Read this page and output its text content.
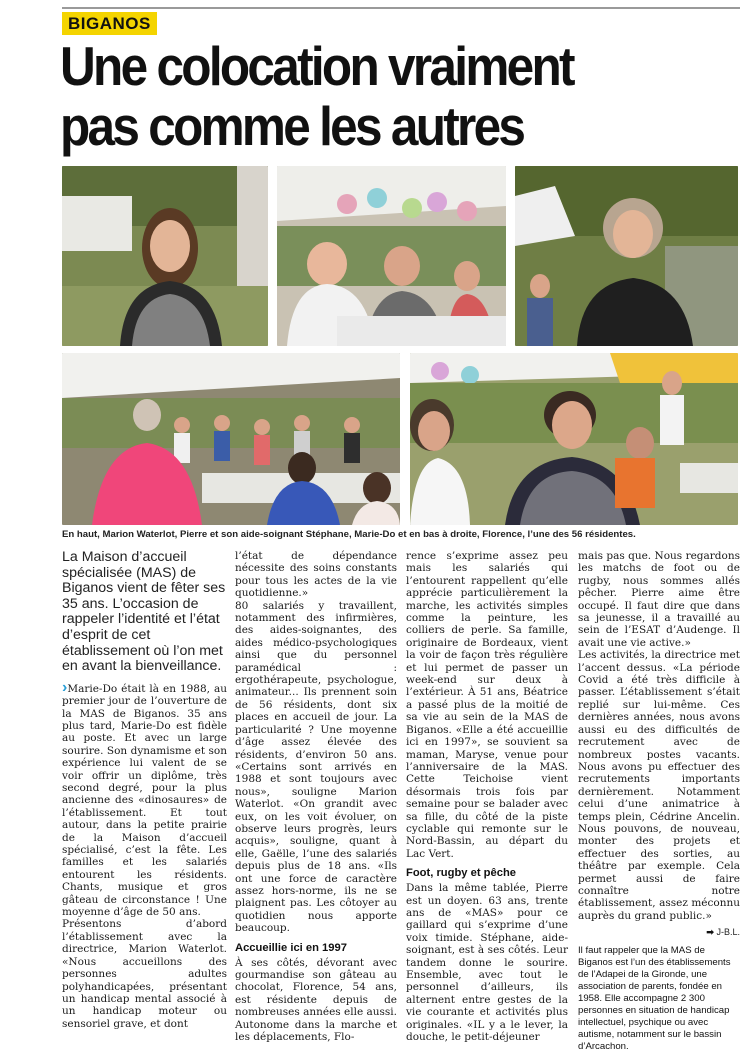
BIGANOS
Une colocation vraiment pas comme les autres
En haut, Marion Waterlot, Pierre et son aide-soignant Stéphane, Marie-Do et en bas à droite, Florence, l’une des 56 résidentes.

La Maison d’accueil spécialisée (MAS) de Biganos vient de fêter ses 35 ans. L’occasion de rappeler l’identité et l’état d’esprit de cet établissement où l’on met en avant la bienveillance.

›Marie-Do était là en 1988, au premier jour de l’ouverture de la MAS de Biganos. 35 ans plus tard, Marie-Do est fidèle au poste. Et avec un large sourire. Son dynamisme et son expérience lui valent de se voir offrir un diplôme, très second degré, pour la plus ancienne des «dinosaures» de l’établissement. Et tout autour, dans la petite prairie de la Maison d’accueil spécialisé, c’est la fête. Les familles et les salariés entourent les résidents. Chants, musique et gros gâteau de circonstance ! Une moyenne d’âge de 50 ans.

Présentons d’abord l’établissement avec la directrice, Marion Waterlot. «Nous accueillons des personnes adultes polyhandicapées, présentant un handicap mental associé à un handicap moteur ou sensoriel grave, et dont

l’état de dépendance nécessite des soins constants pour tous les actes de la vie quotidienne.»

80 salariés y travaillent, notamment des infirmières, des aides-soignantes, des aides médico-psychologiques ainsi que du personnel paramédical : ergothérapeute, psychologue, animateur... Ils prennent soin de 56 résidents, dont six places en accueil de jour. La particularité ? Une moyenne d’âge assez élevée des résidents, d’environ 50 ans. «Certains sont arrivés en 1988 et sont toujours avec nous», souligne Marion Waterlot. «On grandit avec eux, on les voit évoluer, on observe leurs progrès, leurs acquis», souligne, quant à elle, Gaëlle, l’une des salariés depuis plus de 18 ans. «Ils ont une force de caractère assez hors-norme, ils ne se plaignent pas. Les côtoyer au quotidien nous apporte beaucoup.

Accueillie ici en 1997

À ses côtés, dévorant avec gourmandise son gâteau au chocolat, Florence, 54 ans, est résidente depuis de nombreuses années elle aussi. Autonome dans la marche et les déplacements, Flo-

rence s’exprime assez peu mais les salariés qui l’entourent rappellent qu’elle apprécie particulièrement la marche, les activités simples comme la peinture, les colliers de perle. Sa famille, originaire de Bordeaux, vient la voir de façon très régulière et lui permet de passer un week-end sur deux à l’extérieur. À 51 ans, Béatrice a passé plus de la moitié de sa vie au sein de la MAS de Biganos. «Elle a été accueillie ici en 1997», se souvient sa maman, Maryse, venue pour l’anniversaire de la MAS. Cette Teichoise vient désormais trois fois par semaine pour se balader avec sa fille, du côté de la piste cyclable qui remonte sur le Nord-Bassin, au départ du Lac Vert.

Foot, rugby et pêche

Dans la même tablée, Pierre est un doyen. 63 ans, trente ans de «MAS» pour ce gaillard qui s’exprime d’une voix timide. Stéphane, aide-soignant, est à ses côtés. Leur tandem donne le sourire. Ensemble, avec tout le personnel d’ailleurs, ils alternent entre gestes de la vie courante et activités plus originales. «IL y a le lever, la douche, le petit-déjeuner

mais pas que. Nous regardons les matchs de foot ou de rugby, nous sommes allés pêcher. Pierre aime être occupé. Il faut dire que dans sa jeunesse, il a travaillé au sein de l’ESAT d’Audenge. Il avait une vie active.»

Les activités, la directrice met l’accent dessus. «La période Covid a été très difficile à passer. L’établissement s’était replié sur lui-même. Ces dernières années, nous avons aussi eu des difficultés de recrutement avec de nombreux postes vacants. Nous avons pu effectuer des recrutements importants dernièrement. Notamment celui d’une animatrice à temps plein, Cédrine Ancelin. Nous pouvons, de nouveau, monter des projets et effectuer des sorties, au théâtre par exemple. Cela permet aussi de faire connaître notre établissement, assez méconnu auprès du grand public.»

➡ J-B.L.

Il faut rappeler que la MAS de Biganos est l’un des établissements de l’Adapei de la Gironde, une association de parents, fondée en 1958. Elle accompagne 2 300 personnes en situation de handicap intellectuel, psychique ou avec autisme, notamment sur le bassin d’Arcachon.
